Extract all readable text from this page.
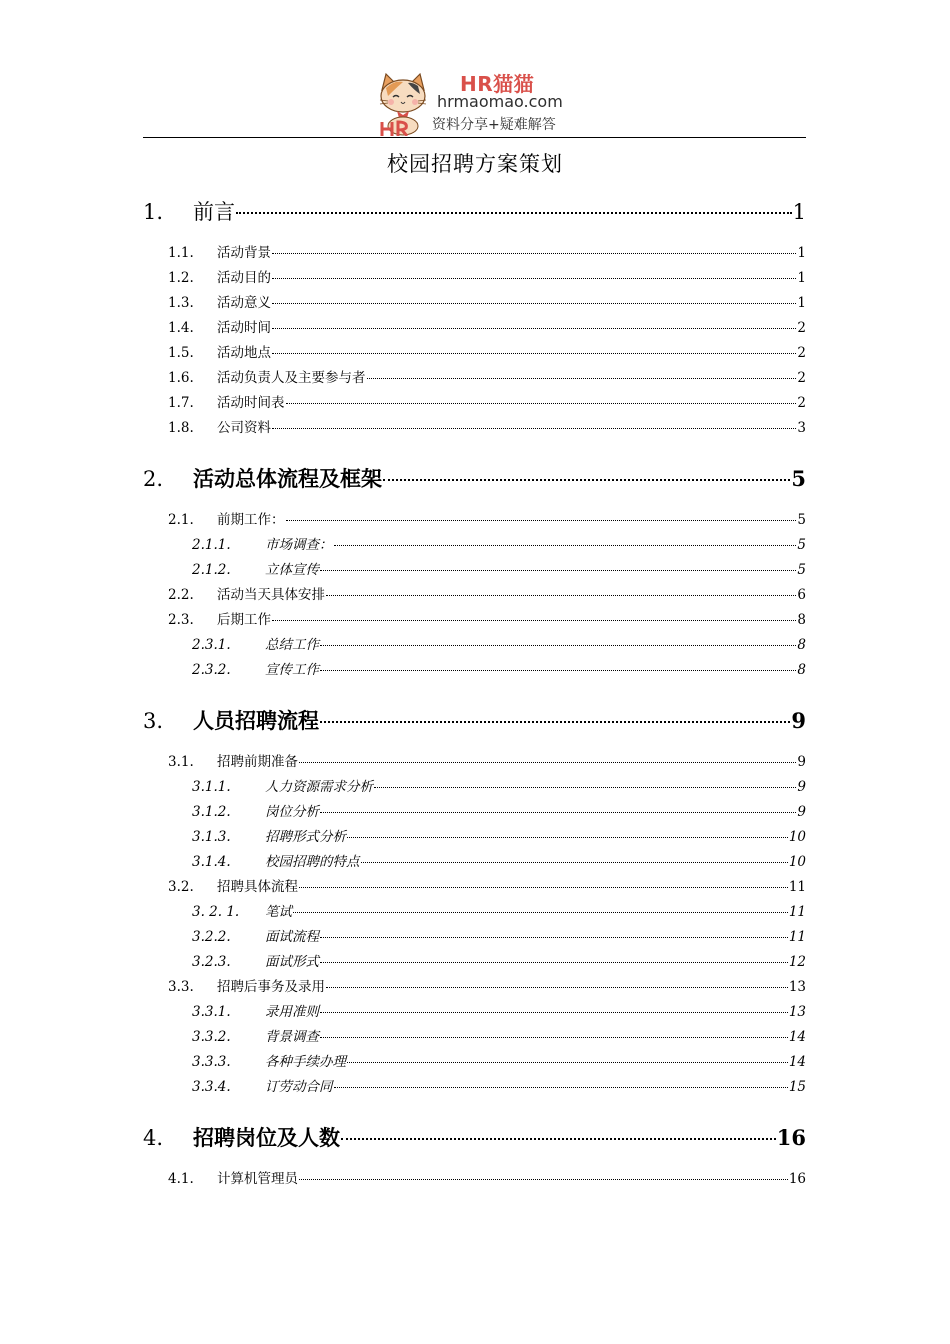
HR猫猫
hrmaomao.com
资料分享+疑难解答
校园招聘方案策划
1.	前言	1
1.1.	活动背景	1
1.2.	活动目的	1
1.3.	活动意义	1
1.4.	活动时间	2
1.5.	活动地点	2
1.6.	活动负责人及主要参与者	2
1.7.	活动时间表	2
1.8.	公司资料	3
2.	活动总体流程及框架	5
2.1.	前期工作：	5
2.1.1.	市场调查：	5
2.1.2.	立体宣传	5
2.2.	活动当天具体安排	6
2.3.	后期工作	8
2.3.1.	总结工作	8
2.3.2.	宣传工作	8
3.	人员招聘流程	9
3.1.	招聘前期准备	9
3.1.1.	人力资源需求分析	9
3.1.2.	岗位分析	9
3.1.3.	招聘形式分析	10
3.1.4.	校园招聘的特点	10
3.2.	招聘具体流程	11
3. 2. 1.	笔试	11
3.2.2.	面试流程	11
3.2.3.	面试形式	12
3.3.	招聘后事务及录用	13
3.3.1.	录用准则	13
3.3.2.	背景调查	14
3.3.3.	各种手续办理	14
3.3.4.	订劳动合同	15
4.	招聘岗位及人数	16
4.1.	计算机管理员	16
